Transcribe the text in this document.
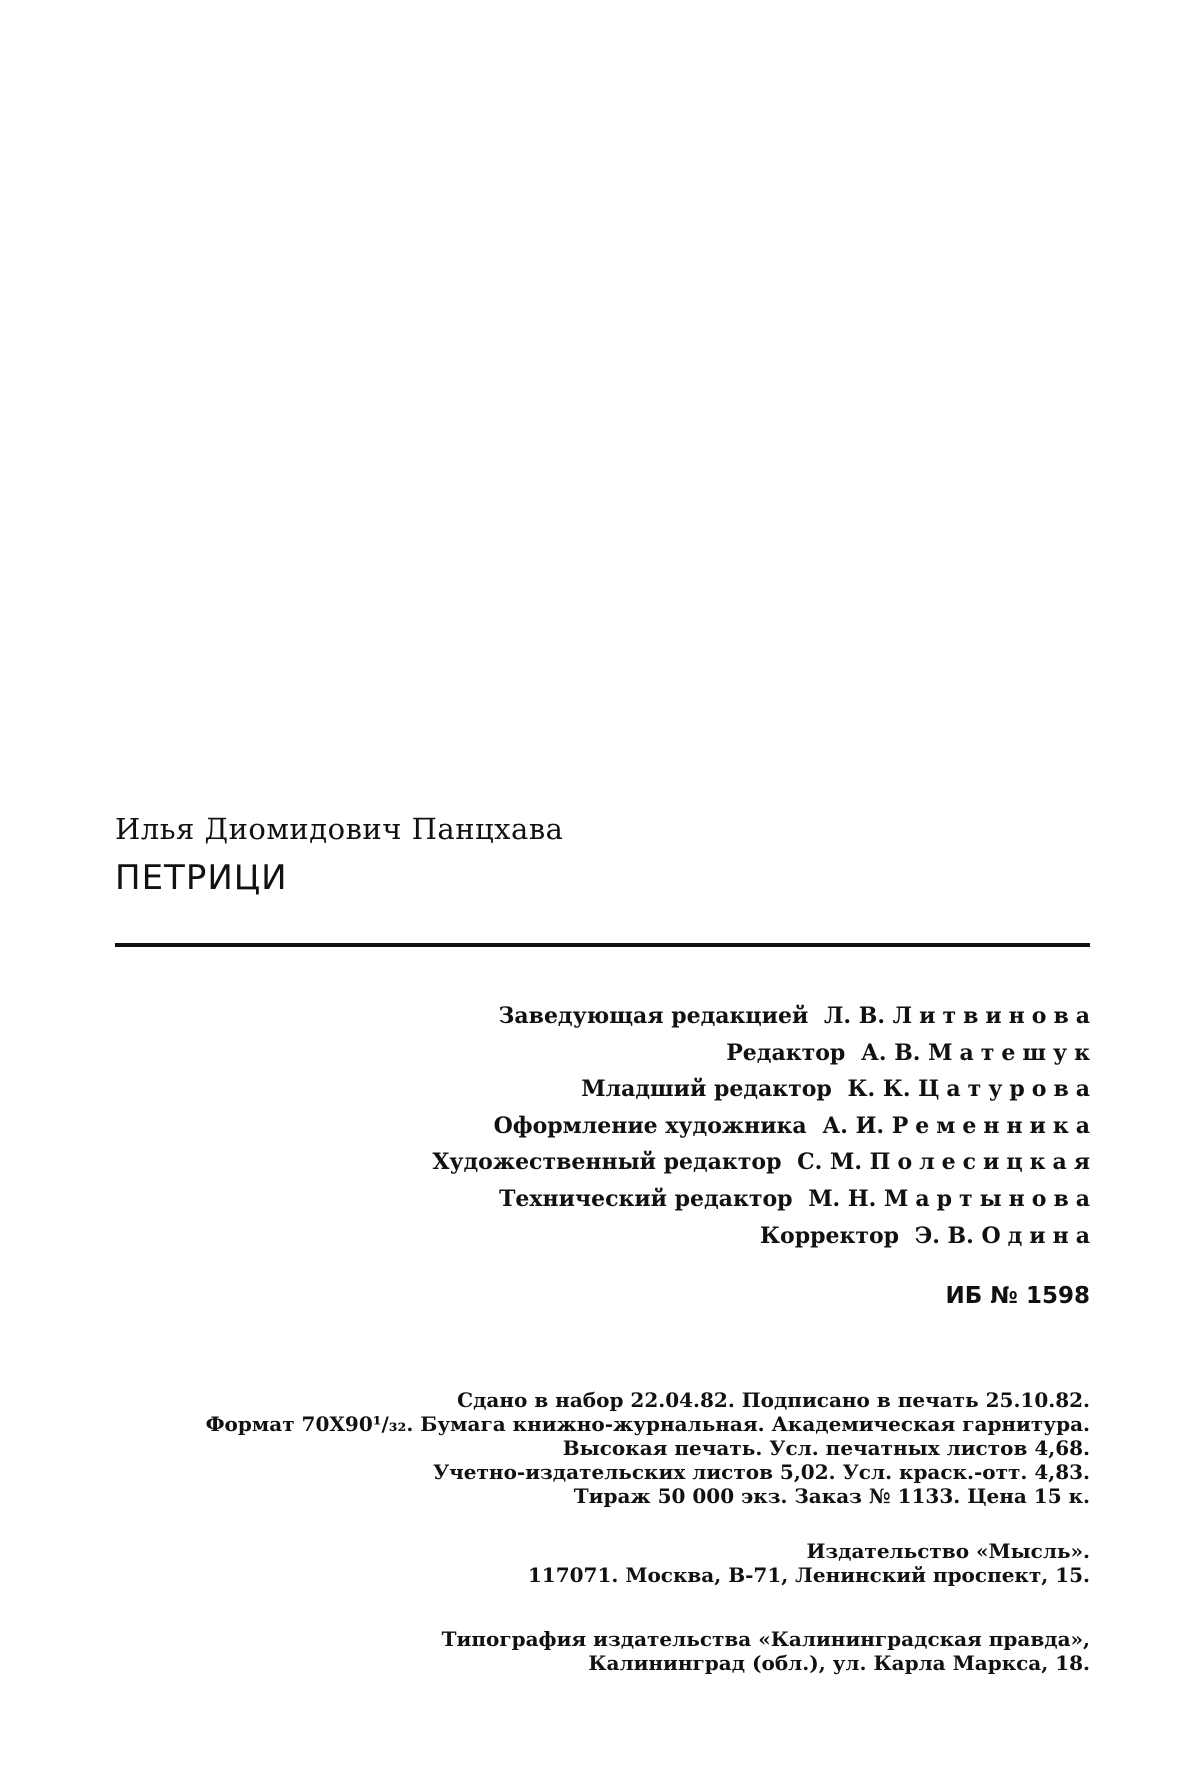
Илья Диомидович Панцхава
ПЕТРИЦИ
Заведующая редакцией Л. В. Литвинова
Редактор А. В. Матешук
Младший редактор К. К. Цатурова
Оформление художника А. И. Ременника
Художественный редактор С. М. Полесицкая
Технический редактор М. Н. Мартынова
Корректор Э. В. Одина
ИБ № 1598
Сдано в набор 22.04.82. Подписано в печать 25.10.82.
Формат 70X90¹/₃₂. Бумага книжно-журнальная. Академическая гарнитура.
Высокая печать. Усл. печатных листов 4,68.
Учетно-издательских листов 5,02. Усл. краск.-отт. 4,83.
Тираж 50 000 экз. Заказ № 1133. Цена 15 к.
Издательство «Мысль».
117071. Москва, В-71, Ленинский проспект, 15.
Типография издательства «Калининградская правда»,
Калининград (обл.), ул. Карла Маркса, 18.
